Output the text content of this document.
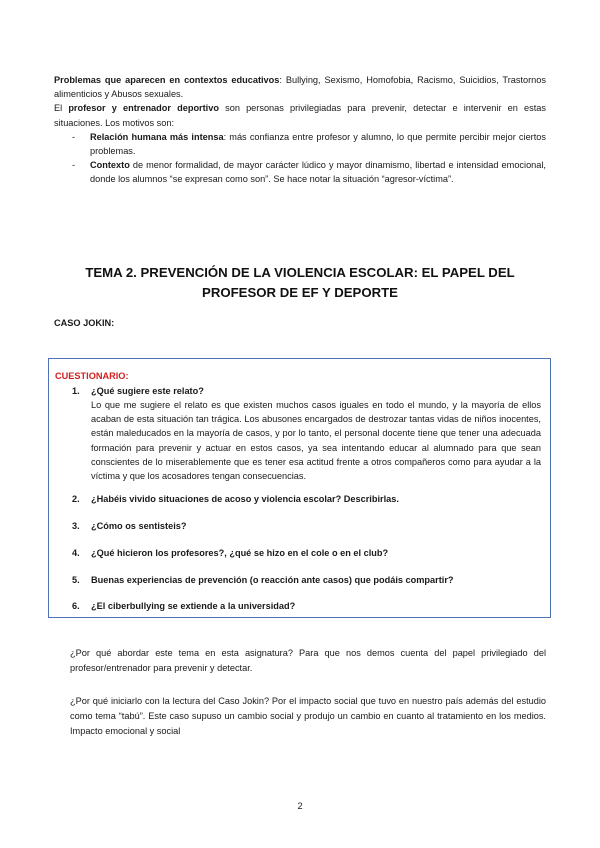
Problemas que aparecen en contextos educativos: Bullying, Sexismo, Homofobia, Racismo, Suicidios, Trastornos alimenticios y Abusos sexuales.

El profesor y entrenador deportivo son personas privilegiadas para prevenir, detectar e intervenir en estas situaciones. Los motivos son:

- Relación humana más intensa: más confianza entre profesor y alumno, lo que permite percibir mejor ciertos problemas.
- Contexto de menor formalidad, de mayor carácter lúdico y mayor dinamismo, libertad e intensidad emocional, donde los alumnos “se expresan como son”. Se hace notar la situación “agresor-víctima”.
TEMA 2. PREVENCIÓN DE LA VIOLENCIA ESCOLAR: EL PAPEL DEL
PROFESOR DE EF Y DEPORTE
CASO JOKIN:
CUESTIONARIO:
1. ¿Qué sugiere este relato?
Lo que me sugiere el relato es que existen muchos casos iguales en todo el mundo, y la mayoría de ellos acaban de esta situación tan trágica. Los abusones encargados de destrozar tantas vidas de niños inocentes, están maleducados en la mayoría de casos, y por lo tanto, el personal docente tiene que tener una adecuada formación para prevenir y actuar en estos casos, ya sea intentando educar al alumnado para que sean conscientes de lo miserablemente que es tener esa actitud frente a otros compañeros como para ayudar a la víctima y que los acosadores tengan consecuencias.
2. ¿Habéis vivido situaciones de acoso y violencia escolar? Describirlas.
3. ¿Cómo os sentisteis?
4. ¿Qué hicieron los profesores?, ¿qué se hizo en el cole o en el club?
5. Buenas experiencias de prevención (o reacción ante casos) que podáis compartir?
6. ¿El ciberbullying se extiende a la universidad?
¿Por qué abordar este tema en esta asignatura? Para que nos demos cuenta del papel privilegiado del profesor/entrenador para prevenir y detectar.
¿Por qué iniciarlo con la lectura del Caso Jokin? Por el impacto social que tuvo en nuestro país además del estudio como tema “tabú”. Este caso supuso un cambio social y produjo un cambio en cuanto al tratamiento en los medios. Impacto emocional y social
2
